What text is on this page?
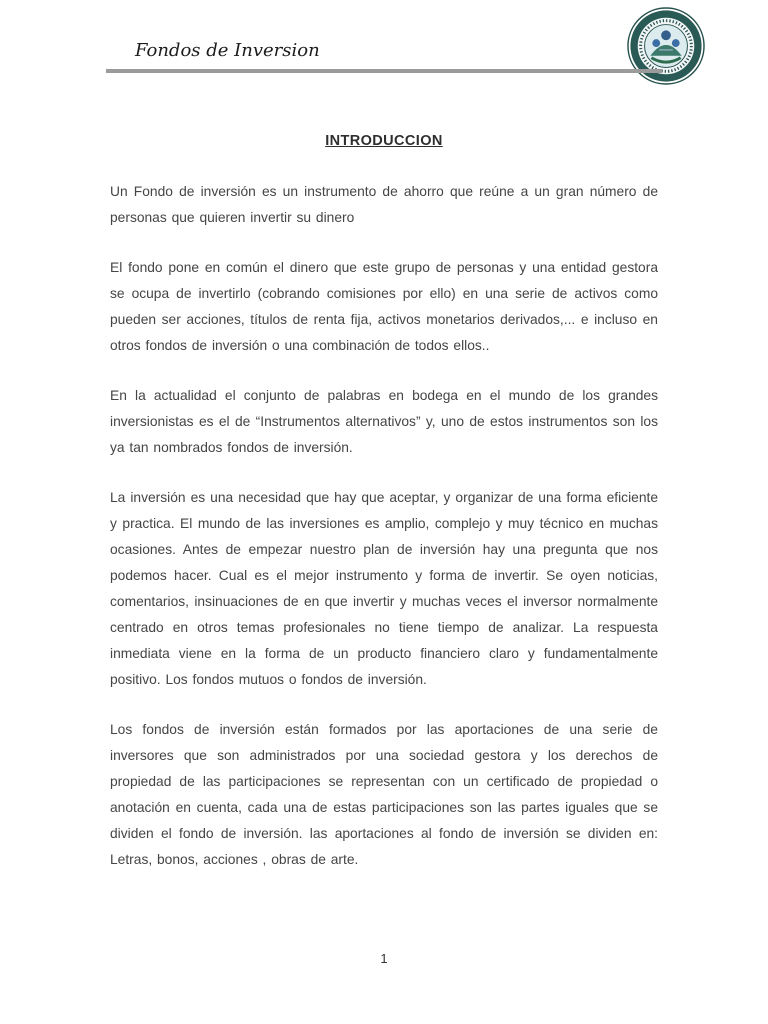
Fondos de Inversion
INTRODUCCION

Un Fondo de inversión es un instrumento de ahorro que reúne a un gran número de personas que quieren invertir su dinero

El fondo pone en común el dinero que este grupo de personas y una entidad gestora se ocupa de invertirlo (cobrando comisiones por ello) en una serie de activos como pueden ser acciones, títulos de renta fija, activos monetarios derivados,... e incluso en otros fondos de inversión o una combinación de todos ellos..

En la actualidad el conjunto de palabras en bodega en el mundo de los grandes inversionistas es el de “Instrumentos alternativos” y, uno de estos instrumentos son los ya tan nombrados fondos de inversión.

La inversión es una necesidad que hay que aceptar, y organizar de una forma eficiente y practica. El mundo de las inversiones es amplio, complejo y muy técnico en muchas ocasiones. Antes de empezar nuestro plan de inversión hay una pregunta que nos podemos hacer. Cual es el mejor instrumento y forma de invertir. Se oyen noticias, comentarios, insinuaciones de en que invertir y muchas veces el inversor normalmente centrado en otros temas profesionales no tiene tiempo de analizar. La respuesta inmediata viene en la forma de un producto financiero claro y fundamentalmente positivo. Los fondos mutuos o fondos de inversión.

Los fondos de inversión están formados por las aportaciones de una serie de inversores que son administrados por una sociedad gestora y los derechos de propiedad de las participaciones se representan con un certificado de propiedad o anotación en cuenta, cada una de estas participaciones son las partes iguales que se dividen el fondo de inversión. las aportaciones al fondo de inversión se dividen en: Letras, bonos, acciones , obras de arte.

1
